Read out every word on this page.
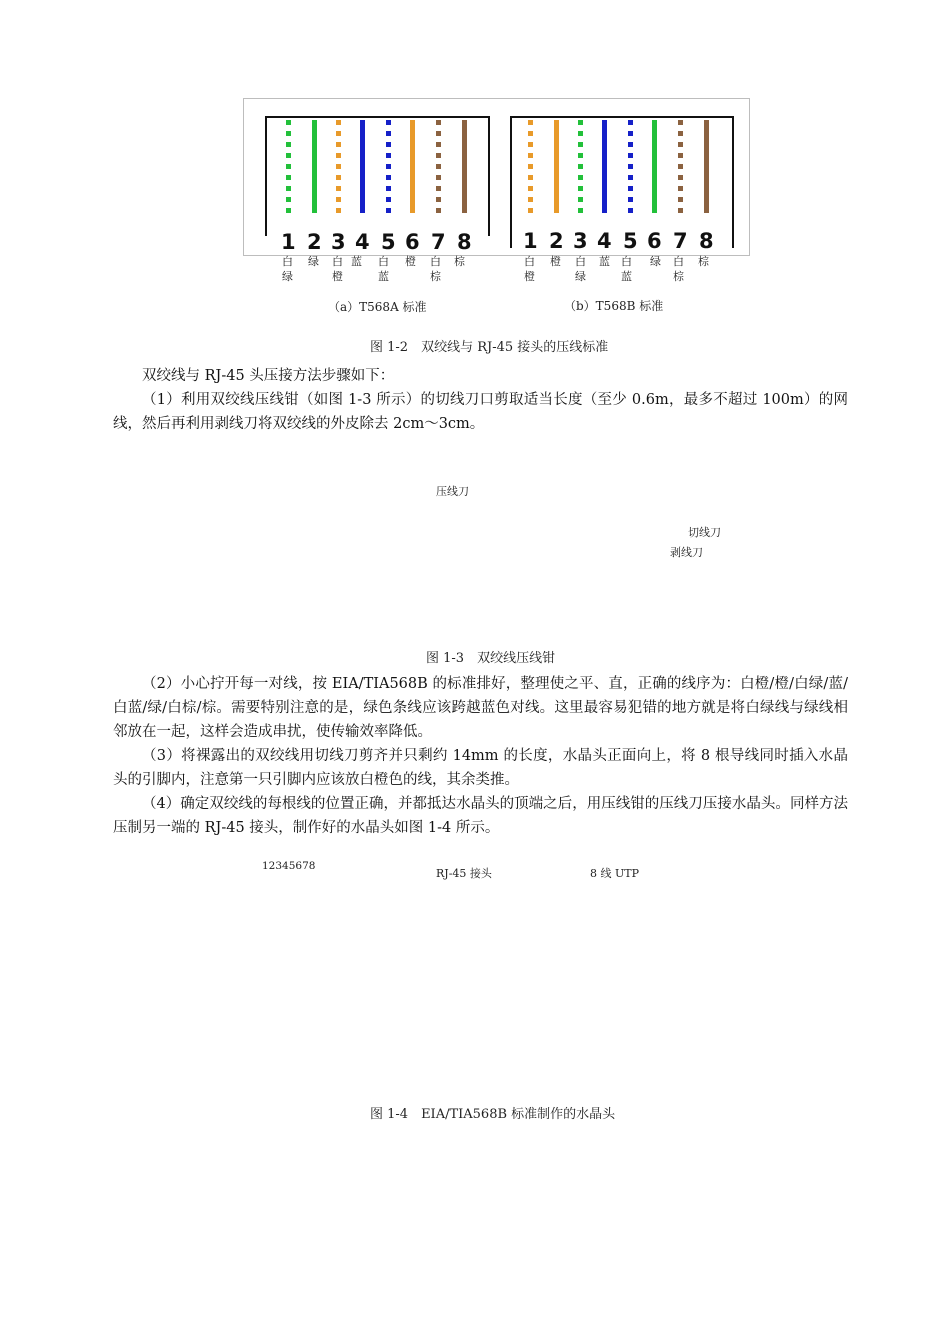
1 2 3 4 5 6 7 8
白绿
绿 白橙
蓝 白蓝
橙 白棕
棕
1 2 3 4 5 6 7 8
白橙
橙 白绿
蓝 白蓝
绿 白棕
棕
（a）T568A 标准	（b）T568B 标准
图 1-2　双绞线与 RJ-45 接头的压线标准

双绞线与 RJ-45 头压接方法步骤如下：

（1）利用双绞线压线钳（如图 1-3 所示）的切线刀口剪取适当长度（至少 0.6m，最多不超过 100m）的网线，然后再利用剥线刀将双绞线的外皮除去 2cm～3cm。

压线刀
切线刀
剥线刀
图 1-3　双绞线压线钳

（2）小心拧开每一对线，按 EIA/TIA568B 的标准排好，整理使之平、直，正确的线序为：白橙/橙/白绿/蓝/白蓝/绿/白棕/棕。需要特别注意的是，绿色条线应该跨越蓝色对线。这里最容易犯错的地方就是将白绿线与绿线相邻放在一起，这样会造成串扰，使传输效率降低。

（3）将裸露出的双绞线用切线刀剪齐并只剩约 14mm 的长度，水晶头正面向上，将 8 根导线同时插入水晶头的引脚内，注意第一只引脚内应该放白橙色的线，其余类推。

（4）确定双绞线的每根线的位置正确，并都抵达水晶头的顶端之后，用压线钳的压线刀压接水晶头。同样方法压制另一端的 RJ-45 接头，制作好的水晶头如图 1-4 所示。

12345678
RJ-45 接头	8 线 UTP
图 1-4　EIA/TIA568B 标准制作的水晶头
